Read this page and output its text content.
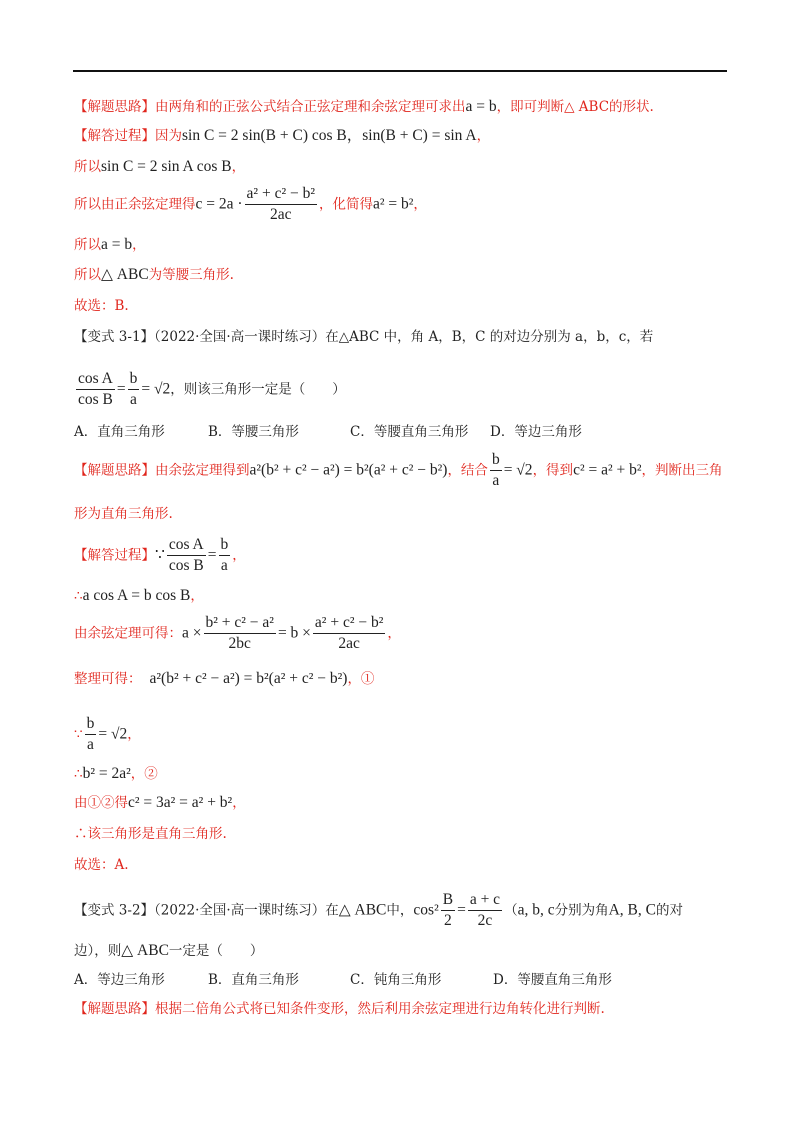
【解题思路】由两角和的正弦公式结合正弦定理和余弦定理可求出a = b，即可判断△ ABC的形状.
【解答过程】因为sin C = 2 sin(B + C) cos B，sin(B + C) = sin A，
所以sin C = 2 sin A cos B，
所以由正余弦定理得$c = 2a \cdot \frac{\text{a² + c² − b²}}{2ac}$ ，化简得a² = b²，
所以a = b，
所以△ ABC为等腰三角形.
故选：B.
【变式 3-1】（2022·全国·高一课时练习）在△ABC 中，角 A，B，C 的对边分别为 a，b，c，若
$\frac{\text{cos A}}{\text{cos B}} = \frac{b}{a} = √2$，则该三角形一定是（　　）
A．直角三角形	B．等腰三角形	C．等腰直角三角形 D．等边三角形
【解题思路】由余弦定理得到a²(b² + c² − a²) = b²(a² + c² − b²)，结合 $\frac{b}{a} = √2$，得到c² = a² + b²，判断出三角
形为直角三角形.
【解答过程】∵ $\frac{\text{cos A}}{\text{cos B}} = \frac{b}{a}$ ，
∴a cos A = b cos B，
由余弦定理可得：$a \times \frac{\text{b² + c² − a²}}{2bc} = b \times \frac{\text{a² + c² − b²}}{2ac}$ ，
整理可得： a²(b² + c² − a²) = b²(a² + c² − b²)，①
∵ $\frac{b}{a} = √2$，
∴b² = 2a²，②
由①②得c² = 3a² = a² + b²，
∴该三角形是直角三角形.
故选：A.
【变式 3-2】（2022·全国·高一课时练习）在△ ABC中，$\cos^2 \frac{B}{2} = \frac{a + c}{2c} (a$, b, c分别为角A, B, C的对
边），则△ ABC一定是（　　）
A．等边三角形	B．直角三角形	C．钝角三角形	D．等腰直角三角形
【解题思路】根据二倍角公式将已知条件变形，然后利用余弦定理进行边角转化进行判断.
